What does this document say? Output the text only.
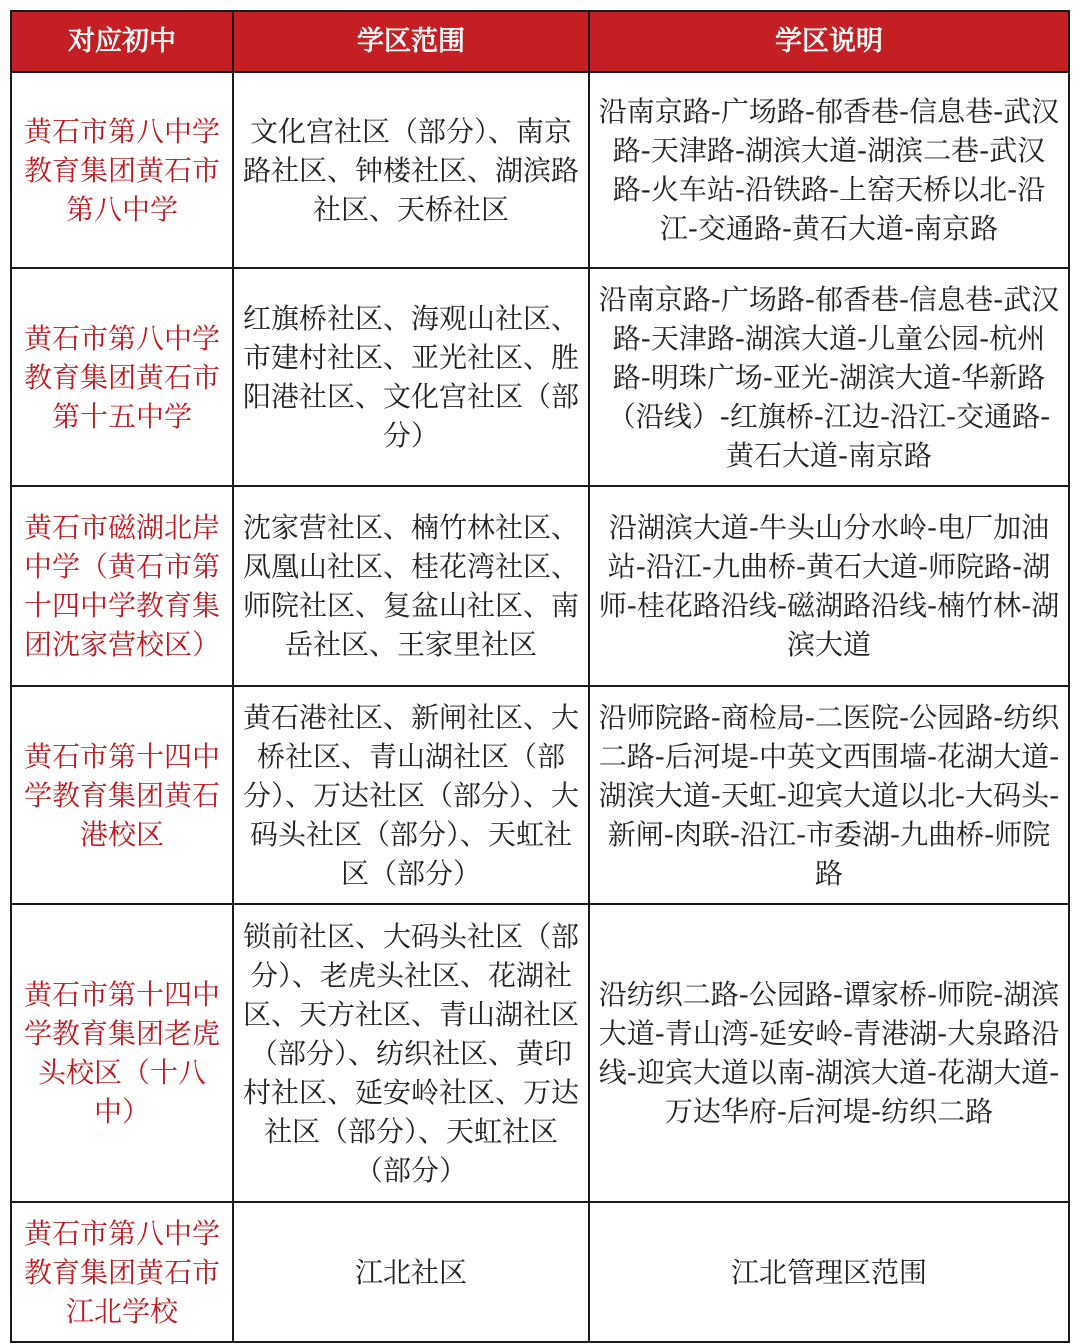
对应初中	学区范围	学区说明
黄石市第八中学教育集团黄石市第八中学	文化宫社区（部分）、南京路社区、钟楼社区、湖滨路社区、天桥社区	沿南京路-广场路-郁香巷-信息巷-武汉路-天津路-湖滨大道-湖滨二巷-武汉路-火车站-沿铁路-上窑天桥以北-沿江-交通路-黄石大道-南京路
黄石市第八中学教育集团黄石市第十五中学	红旗桥社区、海观山社区、市建村社区、亚光社区、胜阳港社区、文化宫社区（部分）	沿南京路-广场路-郁香巷-信息巷-武汉路-天津路-湖滨大道-儿童公园-杭州路-明珠广场-亚光-湖滨大道-华新路（沿线）-红旗桥-江边-沿江-交通路-黄石大道-南京路
黄石市磁湖北岸中学（黄石市第十四中学教育集团沈家营校区）	沈家营社区、楠竹林社区、凤凰山社区、桂花湾社区、师院社区、复盆山社区、南岳社区、王家里社区	沿湖滨大道-牛头山分水岭-电厂加油站-沿江-九曲桥-黄石大道-师院路-湖师-桂花路沿线-磁湖路沿线-楠竹林-湖滨大道
黄石市第十四中学教育集团黄石港校区	黄石港社区、新闸社区、大桥社区、青山湖社区（部分）、万达社区（部分）、大码头社区（部分）、天虹社区（部分）	沿师院路-商检局-二医院-公园路-纺织二路-后河堤-中英文西围墙-花湖大道-湖滨大道-天虹-迎宾大道以北-大码头-新闸-肉联-沿江-市委湖-九曲桥-师院路
黄石市第十四中学教育集团老虎头校区（十八中）	锁前社区、大码头社区（部分）、老虎头社区、花湖社区、天方社区、青山湖社区（部分）、纺织社区、黄印村社区、延安岭社区、万达社区（部分）、天虹社区（部分）	沿纺织二路-公园路-谭家桥-师院-湖滨大道-青山湾-延安岭-青港湖-大泉路沿线-迎宾大道以南-湖滨大道-花湖大道-万达华府-后河堤-纺织二路
黄石市第八中学教育集团黄石市江北学校	江北社区	江北管理区范围
